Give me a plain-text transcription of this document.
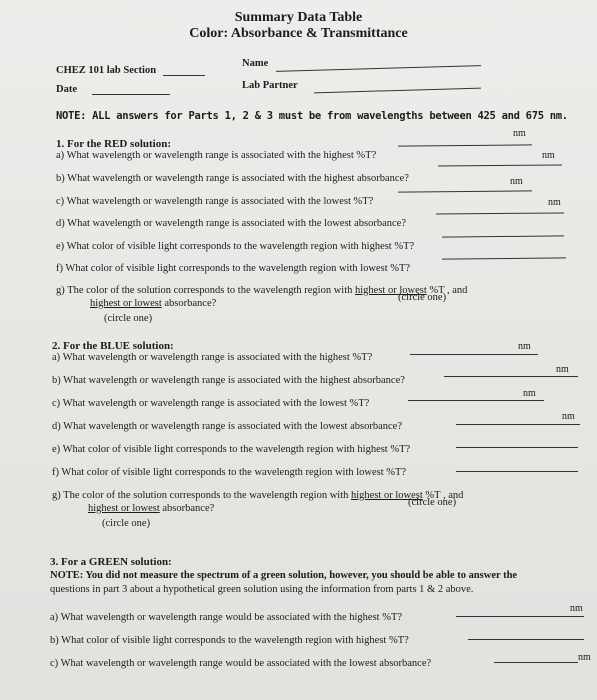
Summary Data Table
Color: Absorbance & Transmittance
Name
CHEZ 101 lab Section
Lab Partner
Date
NOTE: ALL answers for Parts 1, 2 & 3 must be from wavelengths between 425 and 675 nm.
1. For the RED solution:
a) What wavelength or wavelength range is associated with the highest %T?
nm
b) What wavelength or wavelength range is associated with the highest absorbance?
nm
c) What wavelength or wavelength range is associated with the lowest %T?
nm
d) What wavelength or wavelength range is associated with the lowest absorbance?
nm
e) What color of visible light corresponds to the wavelength region with highest %T?
f) What color of visible light corresponds to the wavelength region with lowest %T?
g) The color of the solution corresponds to the wavelength region with highest or lowest %T , and
highest or lowest absorbance?
(circle one)
(circle one)
2. For the BLUE solution:
a) What wavelength or wavelength range is associated with the highest %T?
nm
b) What wavelength or wavelength range is associated with the highest absorbance?
nm
c) What wavelength or wavelength range is associated with the lowest %T?
nm
d) What wavelength or wavelength range is associated with the lowest absorbance?
nm
e) What color of visible light corresponds to the wavelength region with highest %T?
f) What color of visible light corresponds to the wavelength region with lowest %T?
g) The color of the solution corresponds to the wavelength region with highest or lowest %T , and
highest or lowest absorbance?
(circle one)
(circle one)
3. For a GREEN solution:
NOTE: You did not measure the spectrum of a green solution, however, you should be able to answer the
questions in part 3 about a hypothetical green solution using the information from parts 1 & 2 above.
a) What wavelength or wavelength range would be associated with the highest %T?
nm
b) What color of visible light corresponds to the wavelength region with highest %T?
c) What wavelength or wavelength range would be associated with the lowest absorbance?
nm
